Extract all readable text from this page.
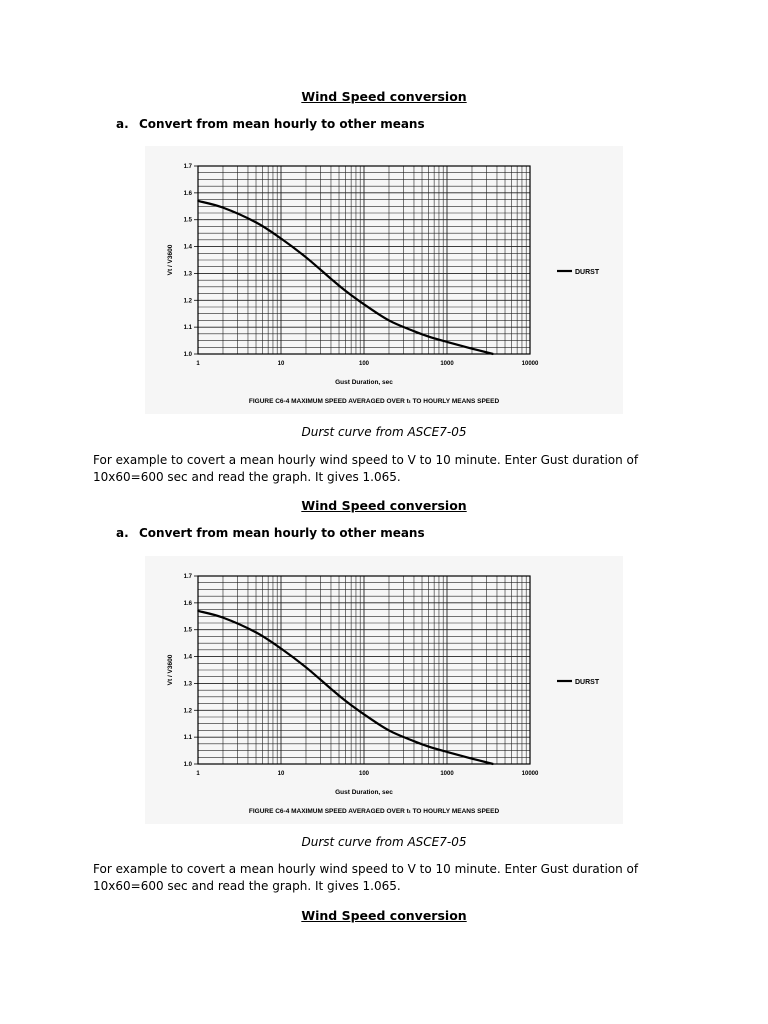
Wind Speed conversion
a. Convert from mean hourly to other means
1.0
1.1
1.2
1.3
1.4
1.5
1.6
1.7
1	10	100	1000	10000
Gust Duration, sec
Vt / V3600	DURST
FIGURE C6-4 MAXIMUM SPEED AVERAGED OVER tₜ TO HOURLY MEANS SPEED
Durst curve from ASCE7-05
For example to covert a mean hourly wind speed to V to 10 minute. Enter Gust duration of
10x60=600 sec and read the graph. It gives 1.065.
Wind Speed conversion
a. Convert from mean hourly to other means
1.0
1.1
1.2
1.3
1.4
1.5
1.6
1.7
1	10	100	1000	10000
Gust Duration, sec
Vt / V3600	DURST
FIGURE C6-4 MAXIMUM SPEED AVERAGED OVER tₜ TO HOURLY MEANS SPEED
Durst curve from ASCE7-05
For example to covert a mean hourly wind speed to V to 10 minute. Enter Gust duration of
10x60=600 sec and read the graph. It gives 1.065.
Wind Speed conversion
